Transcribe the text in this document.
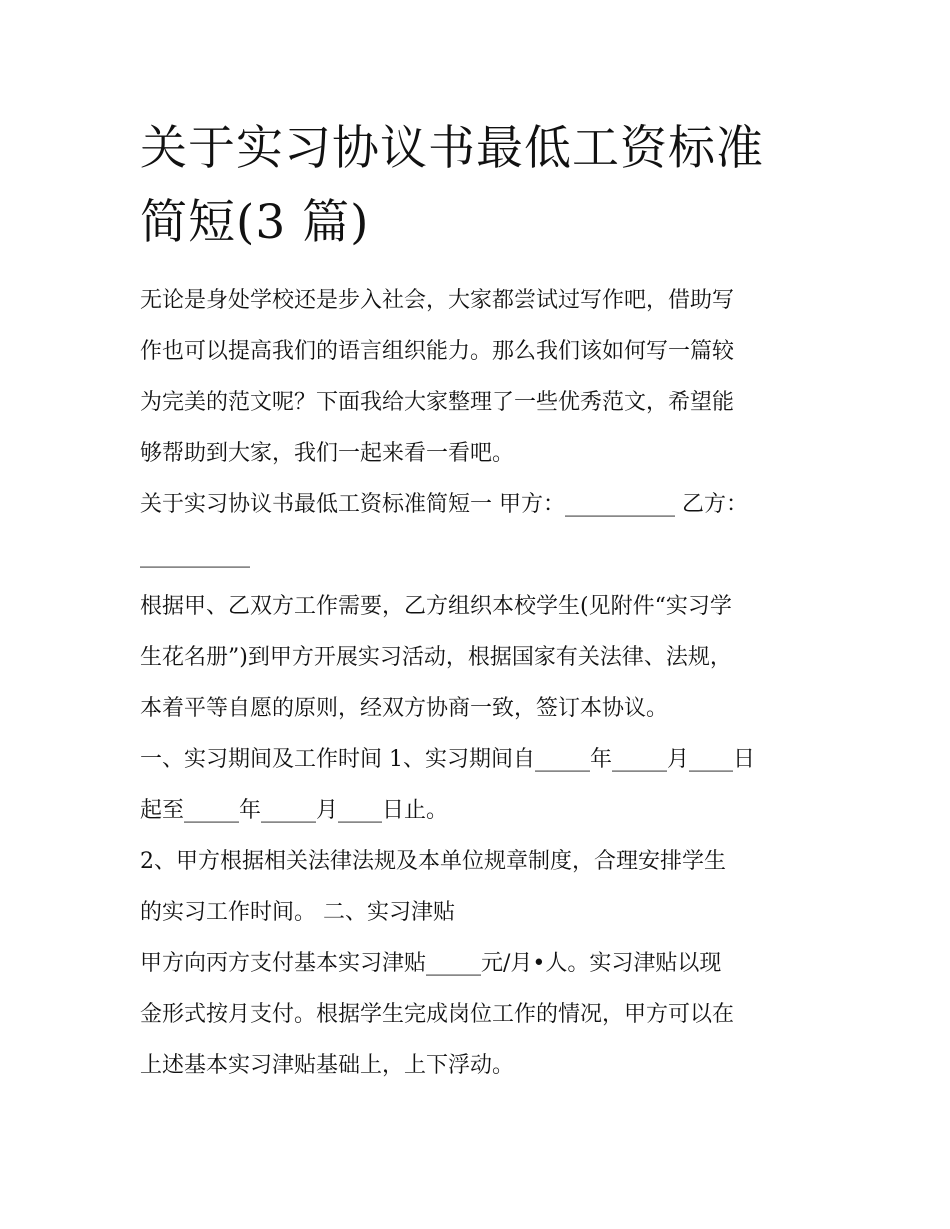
关于实习协议书最低工资标准
简短(3 篇)

无论是身处学校还是步入社会，大家都尝试过写作吧，借助写
作也可以提高我们的语言组织能力。那么我们该如何写一篇较
为完美的范文呢？下面我给大家整理了一些优秀范文，希望能
够帮助到大家，我们一起来看一看吧。

关于实习协议书最低工资标准简短一 甲方：__________ 乙方：
__________

根据甲、乙双方工作需要，乙方组织本校学生(见附件“实习学
生花名册”)到甲方开展实习活动，根据国家有关法律、法规，
本着平等自愿的原则，经双方协商一致，签订本协议。

一、实习期间及工作时间 1、实习期间自_____年_____月____日
起至_____年_____月____日止。

2、甲方根据相关法律法规及本单位规章制度，合理安排学生
的实习工作时间。 二、实习津贴

甲方向丙方支付基本实习津贴_____元/月•人。实习津贴以现
金形式按月支付。根据学生完成岗位工作的情况，甲方可以在
上述基本实习津贴基础上，上下浮动。
